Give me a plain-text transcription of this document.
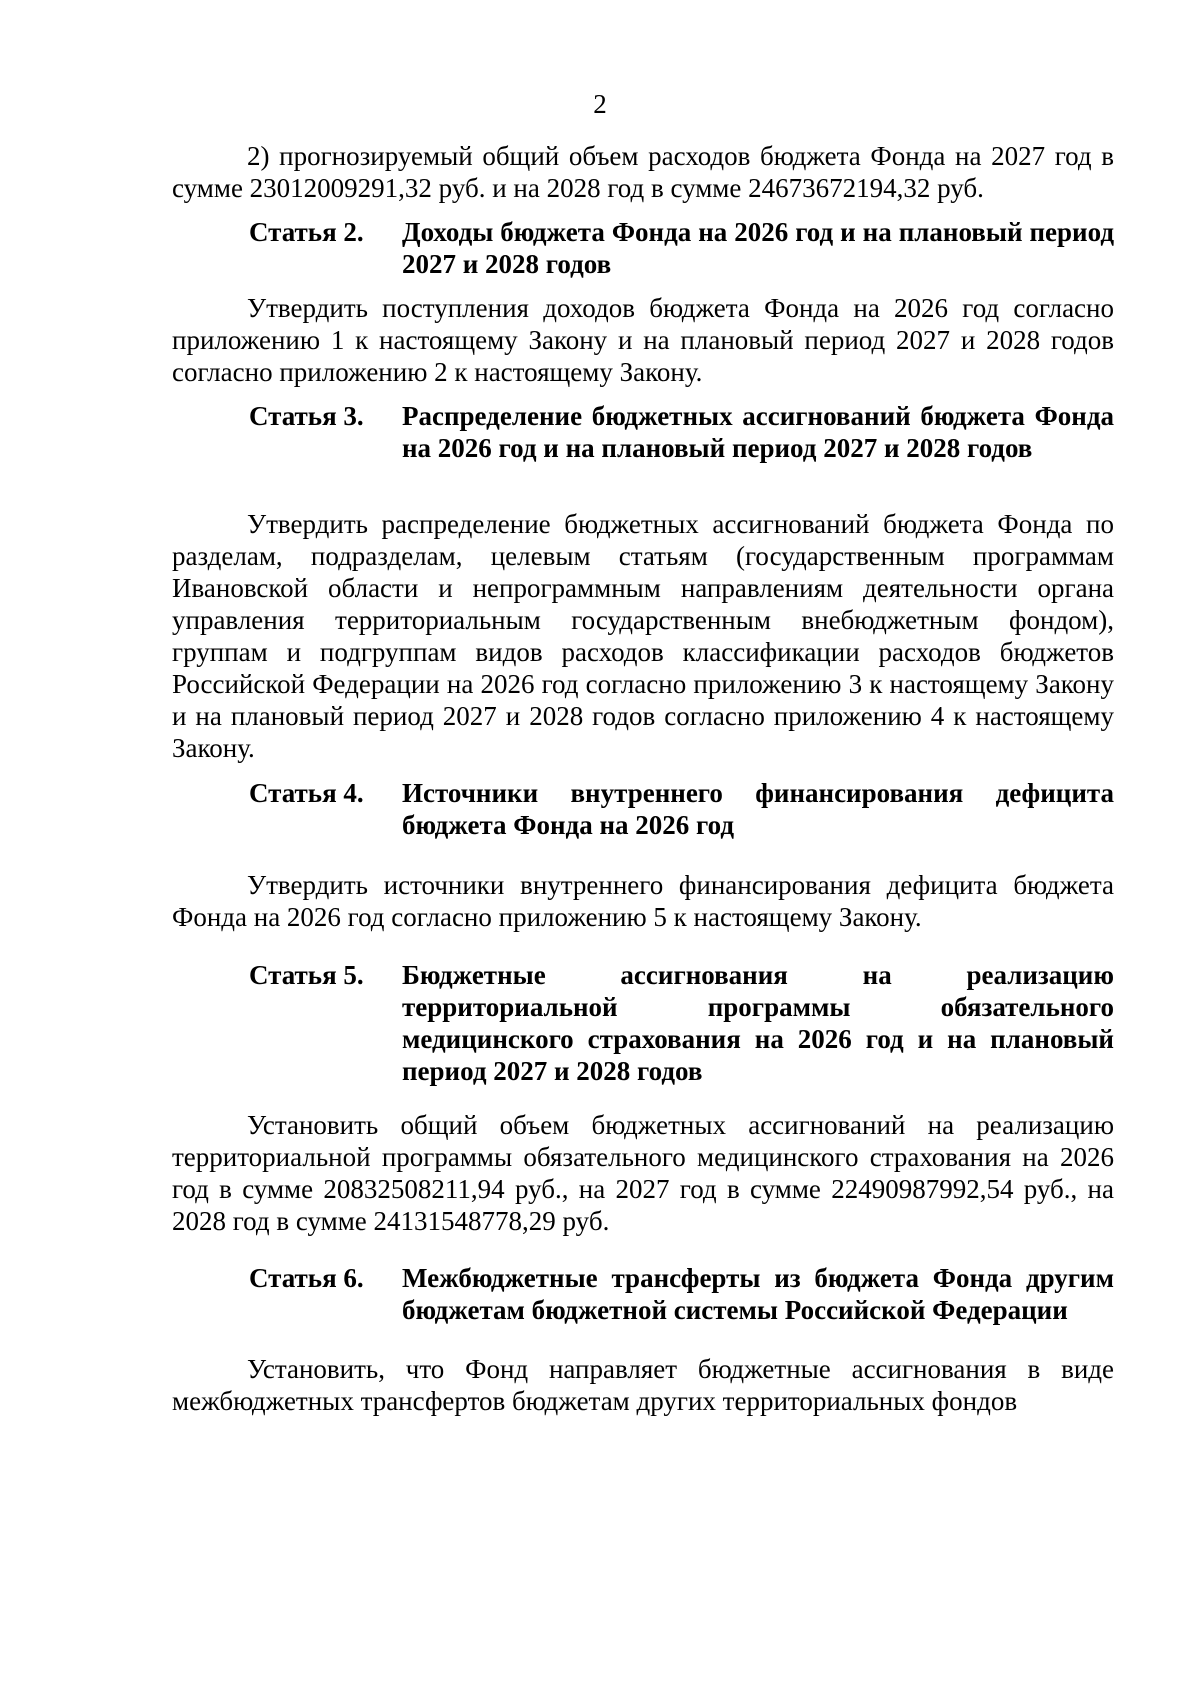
2

2) прогнозируемый общий объем расходов бюджета Фонда на 2027 год в сумме 23012009291,32 руб. и на 2028 год в сумме 24673672194,32 руб.

Статья 2.	Доходы бюджета Фонда на 2026 год и на плановый период 2027 и 2028 годов

Утвердить поступления доходов бюджета Фонда на 2026 год согласно приложению 1 к настоящему Закону и на плановый период 2027 и 2028 годов согласно приложению 2 к настоящему Закону.

Статья 3.	Распределение бюджетных ассигнований бюджета Фонда на 2026 год и на плановый период 2027 и 2028 годов

Утвердить распределение бюджетных ассигнований бюджета Фонда по разделам, подразделам, целевым статьям (государственным программам Ивановской области и непрограммным направлениям деятельности органа управления территориальным государственным внебюджетным фондом), группам и подгруппам видов расходов классификации расходов бюджетов Российской Федерации на 2026 год согласно приложению 3 к настоящему Закону и на плановый период 2027 и 2028 годов согласно приложению 4 к настоящему Закону.

Статья 4.	Источники внутреннего финансирования дефицита бюджета Фонда на 2026 год

Утвердить источники внутреннего финансирования дефицита бюджета Фонда на 2026 год согласно приложению 5 к настоящему Закону.

Статья 5.	Бюджетные ассигнования на реализацию территориальной программы обязательного медицинского страхования на 2026 год и на плановый период 2027 и 2028 годов

Установить общий объем бюджетных ассигнований на реализацию территориальной программы обязательного медицинского страхования на 2026 год в сумме 20832508211,94 руб., на 2027 год в сумме 22490987992,54 руб., на 2028 год в сумме 24131548778,29 руб.

Статья 6.	Межбюджетные трансферты из бюджета Фонда другим бюджетам бюджетной системы Российской Федерации

Установить, что Фонд направляет бюджетные ассигнования в виде межбюджетных трансфертов бюджетам других территориальных фондов
